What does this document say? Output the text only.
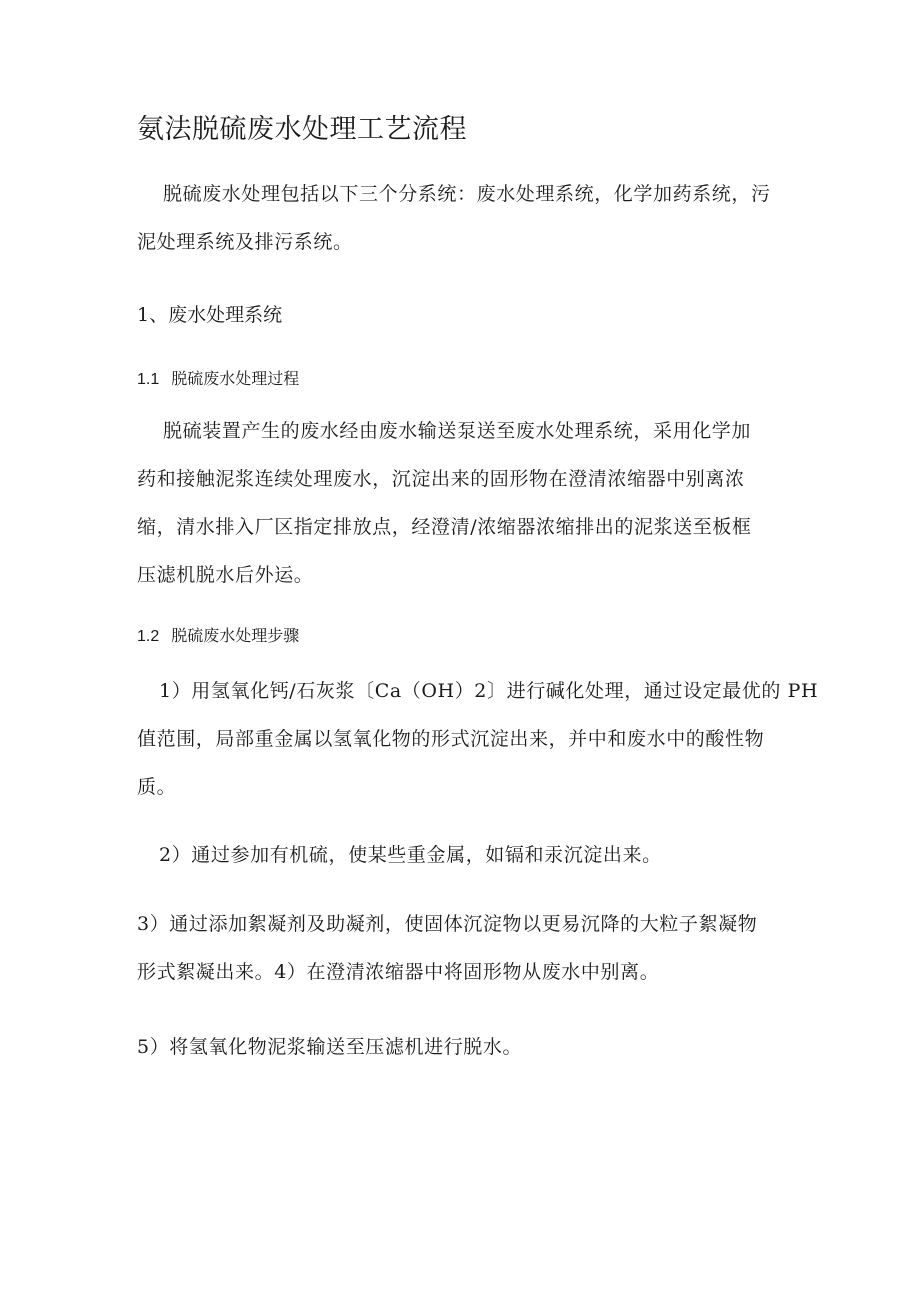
氨法脱硫废水处理工艺流程
脱硫废水处理包括以下三个分系统：废水处理系统，化学加药系统，污
泥处理系统及排污系统。
1、废水处理系统
1.1 脱硫废水处理过程
脱硫装置产生的废水经由废水输送泵送至废水处理系统，采用化学加
药和接触泥浆连续处理废水，沉淀出来的固形物在澄清浓缩器中别离浓
缩，清水排入厂区指定排放点，经澄清/浓缩器浓缩排出的泥浆送至板框
压滤机脱水后外运。
1.2 脱硫废水处理步骤
1）用氢氧化钙/石灰浆〔Ca（OH）2〕进行碱化处理，通过设定最优的 PH
值范围，局部重金属以氢氧化物的形式沉淀出来，并中和废水中的酸性物
质。
2）通过参加有机硫，使某些重金属，如镉和汞沉淀出来。
3）通过添加絮凝剂及助凝剂，使固体沉淀物以更易沉降的大粒子絮凝物
形式絮凝出来。4）在澄清浓缩器中将固形物从废水中别离。
5）将氢氧化物泥浆输送至压滤机进行脱水。
